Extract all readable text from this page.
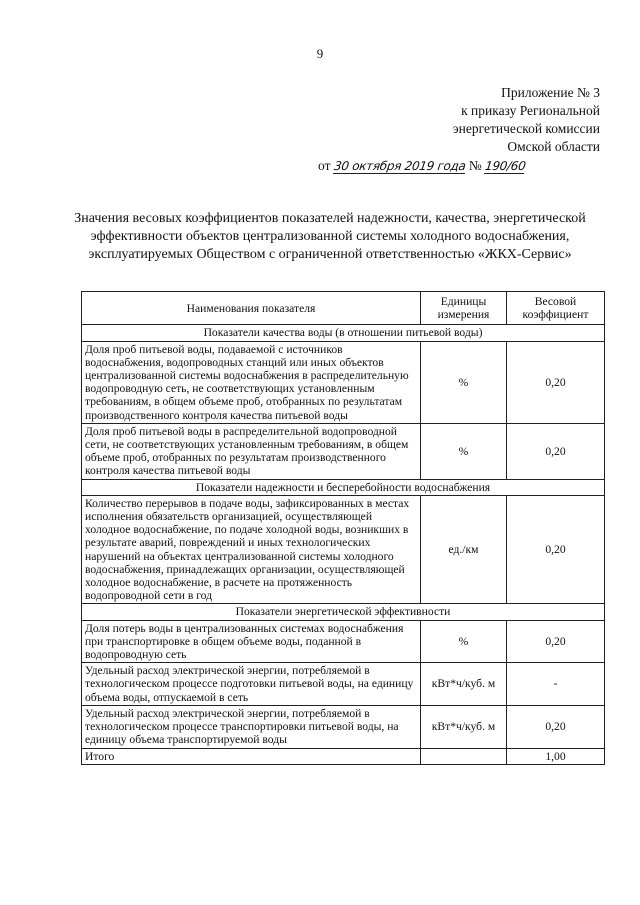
9
Приложение № 3
к приказу Региональной
энергетической комиссии
Омской области
от 30 октября 2019 года № 190/60
Значения весовых коэффициентов показателей надежности, качества, энергетической эффективности объектов централизованной системы холодного водоснабжения, эксплуатируемых Обществом с ограниченной ответственностью «ЖКХ-Сервис»
Наименования показателя	Единицы измерения	Весовой коэффициент
Показатели качества воды (в отношении питьевой воды)		
Доля проб питьевой воды, подаваемой с источников водоснабжения, водопроводных станций или иных объектов централизованной системы водоснабжения в распределительную водопроводную сеть, не соответствующих установленным требованиям, в общем объеме проб, отобранных по результатам производственного контроля качества питьевой воды	%	0,20
Доля проб питьевой воды в распределительной водопроводной сети, не соответствующих установленным требованиям, в общем объеме проб, отобранных по результатам производственного контроля качества питьевой воды	%	0,20
Показатели надежности и бесперебойности водоснабжения		
Количество перерывов в подаче воды, зафиксированных в местах исполнения обязательств организацией, осуществляющей холодное водоснабжение, по подаче холодной воды, возникших в результате аварий, повреждений и иных технологических нарушений на объектах централизованной системы холодного водоснабжения, принадлежащих организации, осуществляющей холодное водоснабжение, в расчете на протяженность водопроводной сети в год	ед./км	0,20
Показатели энергетической эффективности		
Доля потерь воды в централизованных системах водоснабжения при транспортировке в общем объеме воды, поданной в водопроводную сеть	%	0,20
Удельный расход электрической энергии, потребляемой в технологическом процессе подготовки питьевой воды, на единицу объема воды, отпускаемой в сеть	кВт*ч/куб. м	-
Удельный расход электрической энергии, потребляемой в технологическом процессе транспортировки питьевой воды, на единицу объема транспортируемой воды	кВт*ч/куб. м	0,20
Итого		1,00
